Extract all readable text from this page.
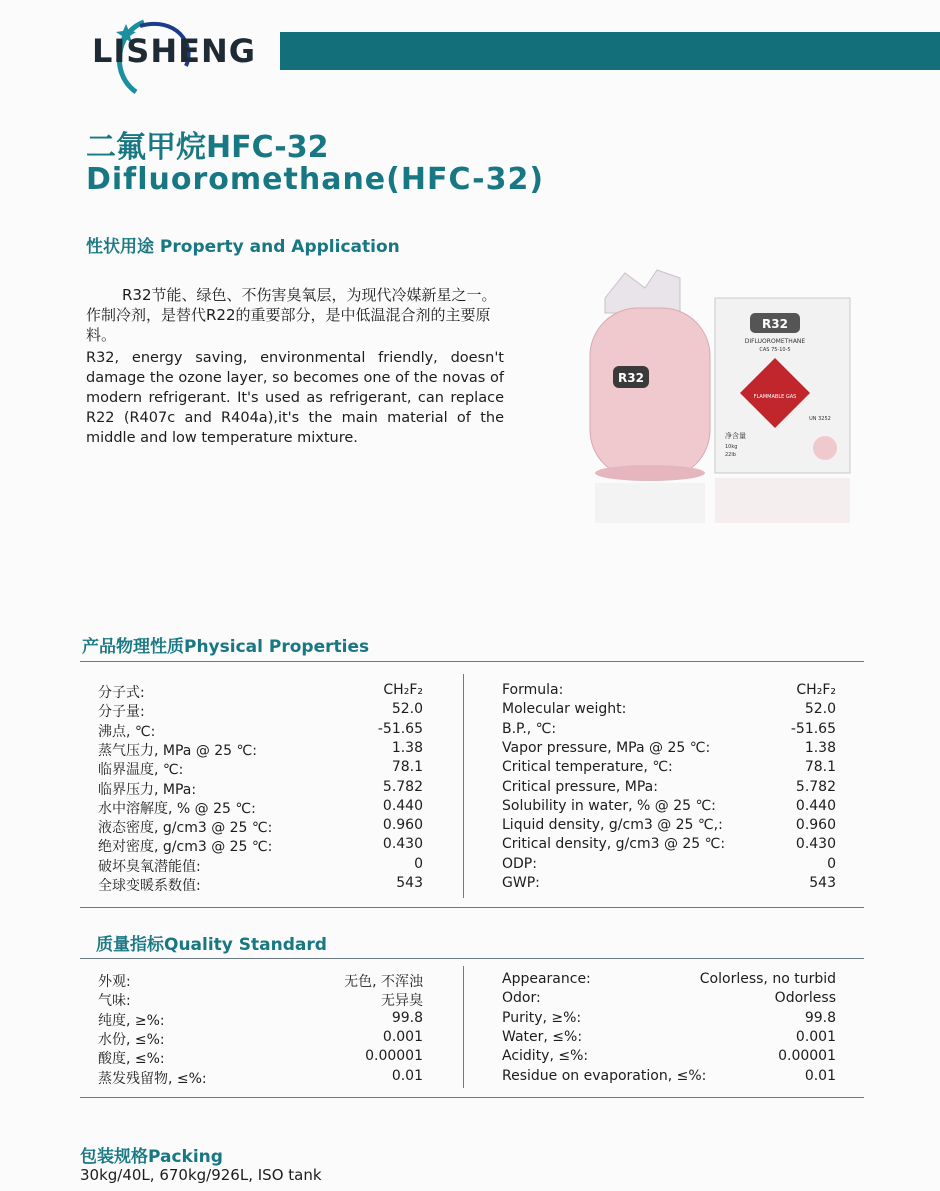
LISHENG
二氟甲烷HFC-32
Difluoromethane(HFC-32)
性状用途 Property and Application
R32节能、绿色、不伤害臭氧层，为现代冷媒新星之一。作制冷剂，是替代R22的重要部分，是中低温混合剂的主要原料。
R32, energy saving, environmental friendly, doesn't damage the ozone layer, so becomes one of the novas of modern refrigerant. It's used as refrigerant, can replace R22 (R407c and R404a),it's the main material of the middle and low temperature mixture.
R32
R32
DIFLUOROMETHANE
CAS 75-10-5
FLAMMABLE GAS
UN 3252
净含量
10kg
22lb
产品物理性质Physical Properties
分子式:	CH₂F₂
分子量:	52.0
沸点, ℃:	-51.65
蒸气压力, MPa @ 25 ℃:	1.38
临界温度, ℃:	78.1
临界压力, MPa:	5.782
水中溶解度, % @ 25 ℃:	0.440
液态密度, g/cm3 @ 25 ℃:	0.960
绝对密度, g/cm3 @ 25 ℃:	0.430
破坏臭氧潜能值:	0
全球变暖系数值:	543
Formula:	CH₂F₂
Molecular weight:	52.0
B.P., ℃:	-51.65
Vapor pressure, MPa @ 25 ℃:	1.38
Critical temperature, ℃:	78.1
Critical pressure, MPa:	5.782
Solubility in water, % @ 25 ℃:	0.440
Liquid density, g/cm3 @ 25 ℃,:	0.960
Critical density, g/cm3 @ 25 ℃:	0.430
ODP:	0
GWP:	543
质量指标Quality Standard
外观:	无色, 不浑浊
气味:	无异臭
纯度, ≥%:	99.8
水份, ≤%:	0.001
酸度, ≤%:	0.00001
蒸发残留物, ≤%:	0.01
Appearance:	Colorless, no turbid
Odor:	Odorless
Purity, ≥%:	99.8
Water, ≤%:	0.001
Acidity, ≤%:	0.00001
Residue on evaporation, ≤%:	0.01
包装规格Packing
30kg/40L, 670kg/926L, ISO tank
